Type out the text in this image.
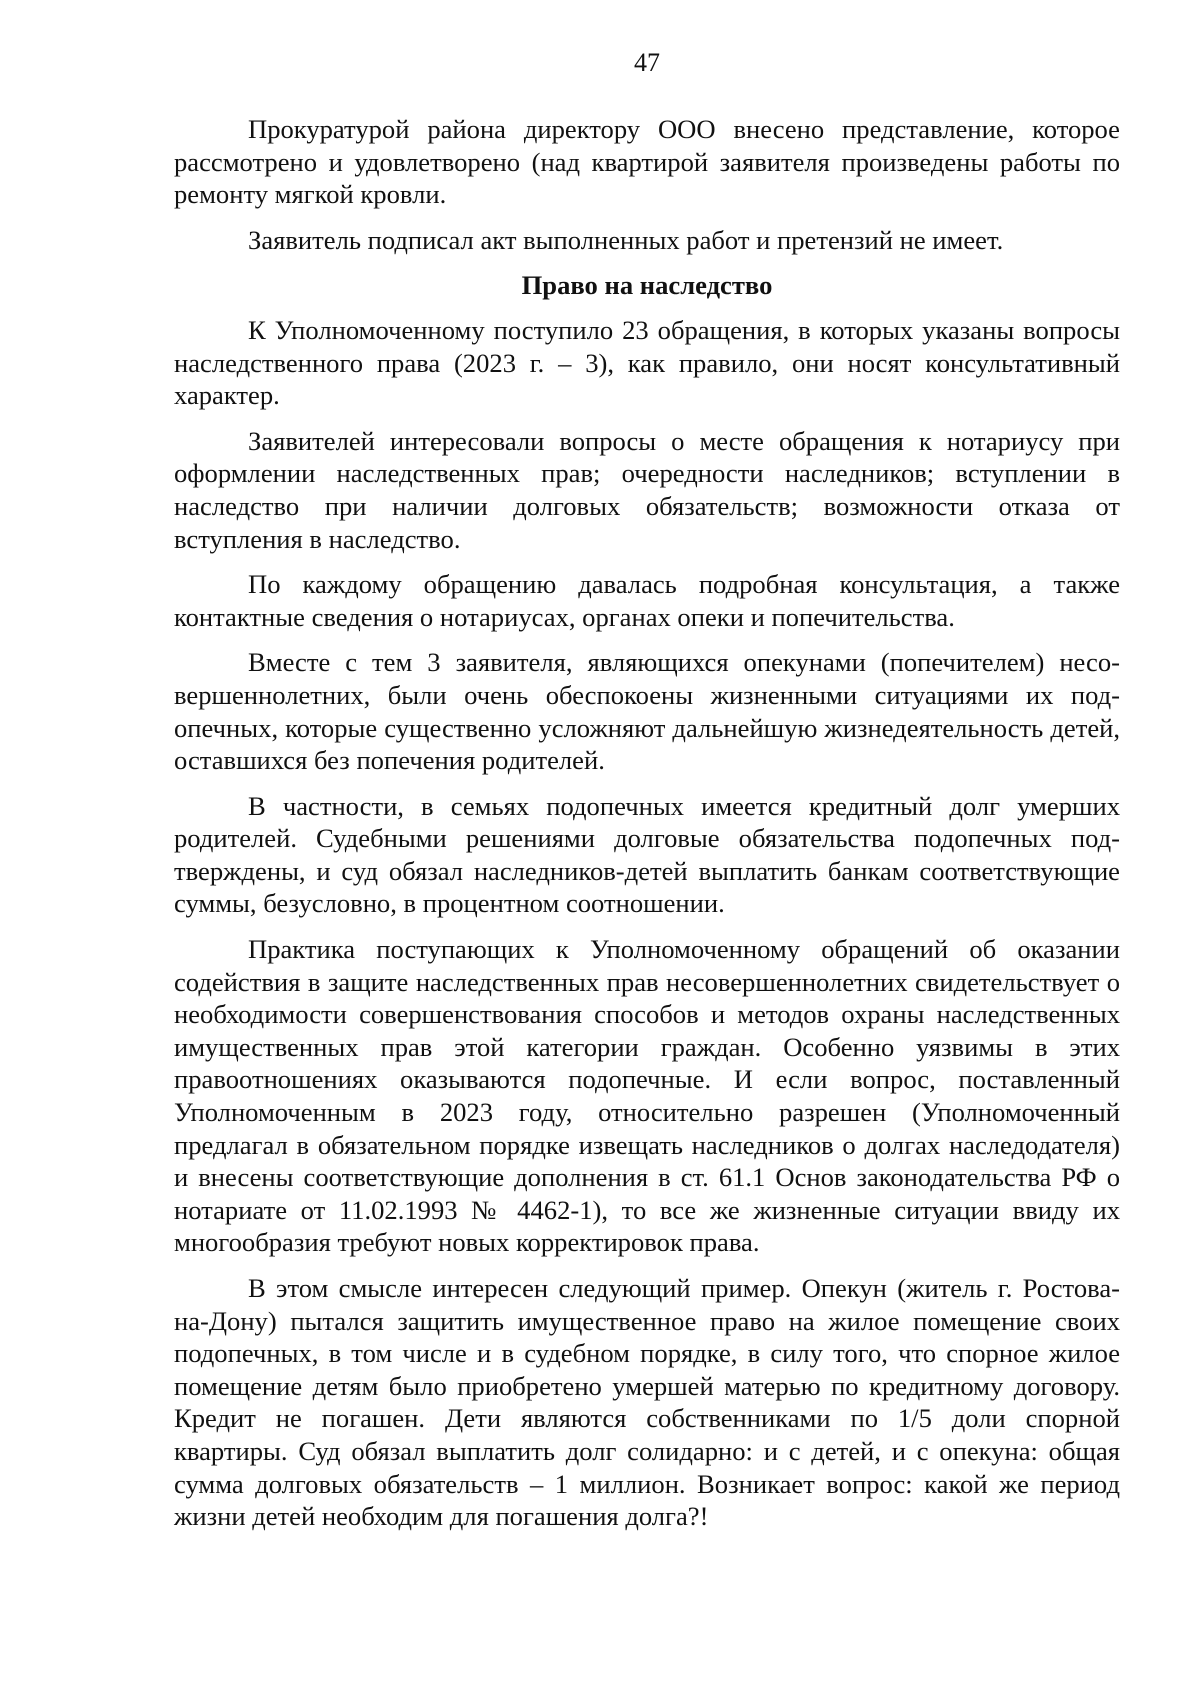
47

Прокуратурой района директору ООО внесено представление, которое рассмотрено и удовлетворено (над квартирой заявителя произведены работы по ремонту мягкой кровли.

Заявитель подписал акт выполненных работ и претензий не имеет.

Право на наследство

К Уполномоченному поступило 23 обращения, в которых указаны вопросы наследственного права (2023 г. – 3), как правило, они носят консультативный характер.

Заявителей интересовали вопросы о месте обращения к нотариусу при оформлении наследственных прав; очередности наследников; вступлении в наследство при наличии долговых обязательств; возможности отказа от вступления в наследство.

По каждому обращению давалась подробная консультация, а также контактные сведения о нотариусах, органах опеки и попечительства.

Вместе с тем 3 заявителя, являющихся опекунами (попечителем) несовершеннолетних, были очень обеспокоены жизненными ситуациями их подопечных, которые существенно усложняют дальнейшую жизнедеятельность детей, оставшихся без попечения родителей.

В частности, в семьях подопечных имеется кредитный долг умерших родителей. Судебными решениями долговые обязательства подопечных подтверждены, и суд обязал наследников-детей выплатить банкам соответствующие суммы, безусловно, в процентном соотношении.

Практика поступающих к Уполномоченному обращений об оказании содействия в защите наследственных прав несовершеннолетних свидетельствует о необходимости совершенствования способов и методов охраны наследственных имущественных прав этой категории граждан. Особенно уязвимы в этих правоотношениях оказываются подопечные. И если вопрос, поставленный Уполномоченным в 2023 году, относительно разрешен (Уполномоченный предлагал в обязательном порядке извещать наследников о долгах наследодателя) и внесены соответствующие дополнения в ст. 61.1 Основ законодательства РФ о нотариате от 11.02.1993 № 4462-1), то все же жизненные ситуации ввиду их многообразия требуют новых корректировок права.

В этом смысле интересен следующий пример. Опекун (житель г. Ростова-на-Дону) пытался защитить имущественное право на жилое помещение своих подопечных, в том числе и в судебном порядке, в силу того, что спорное жилое помещение детям было приобретено умершей матерью по кредитному договору. Кредит не погашен. Дети являются собственниками по 1/5 доли спорной квартиры. Суд обязал выплатить долг солидарно: и с детей, и с опекуна: общая сумма долговых обязательств – 1 миллион. Возникает вопрос: какой же период жизни детей необходим для погашения долга?!
